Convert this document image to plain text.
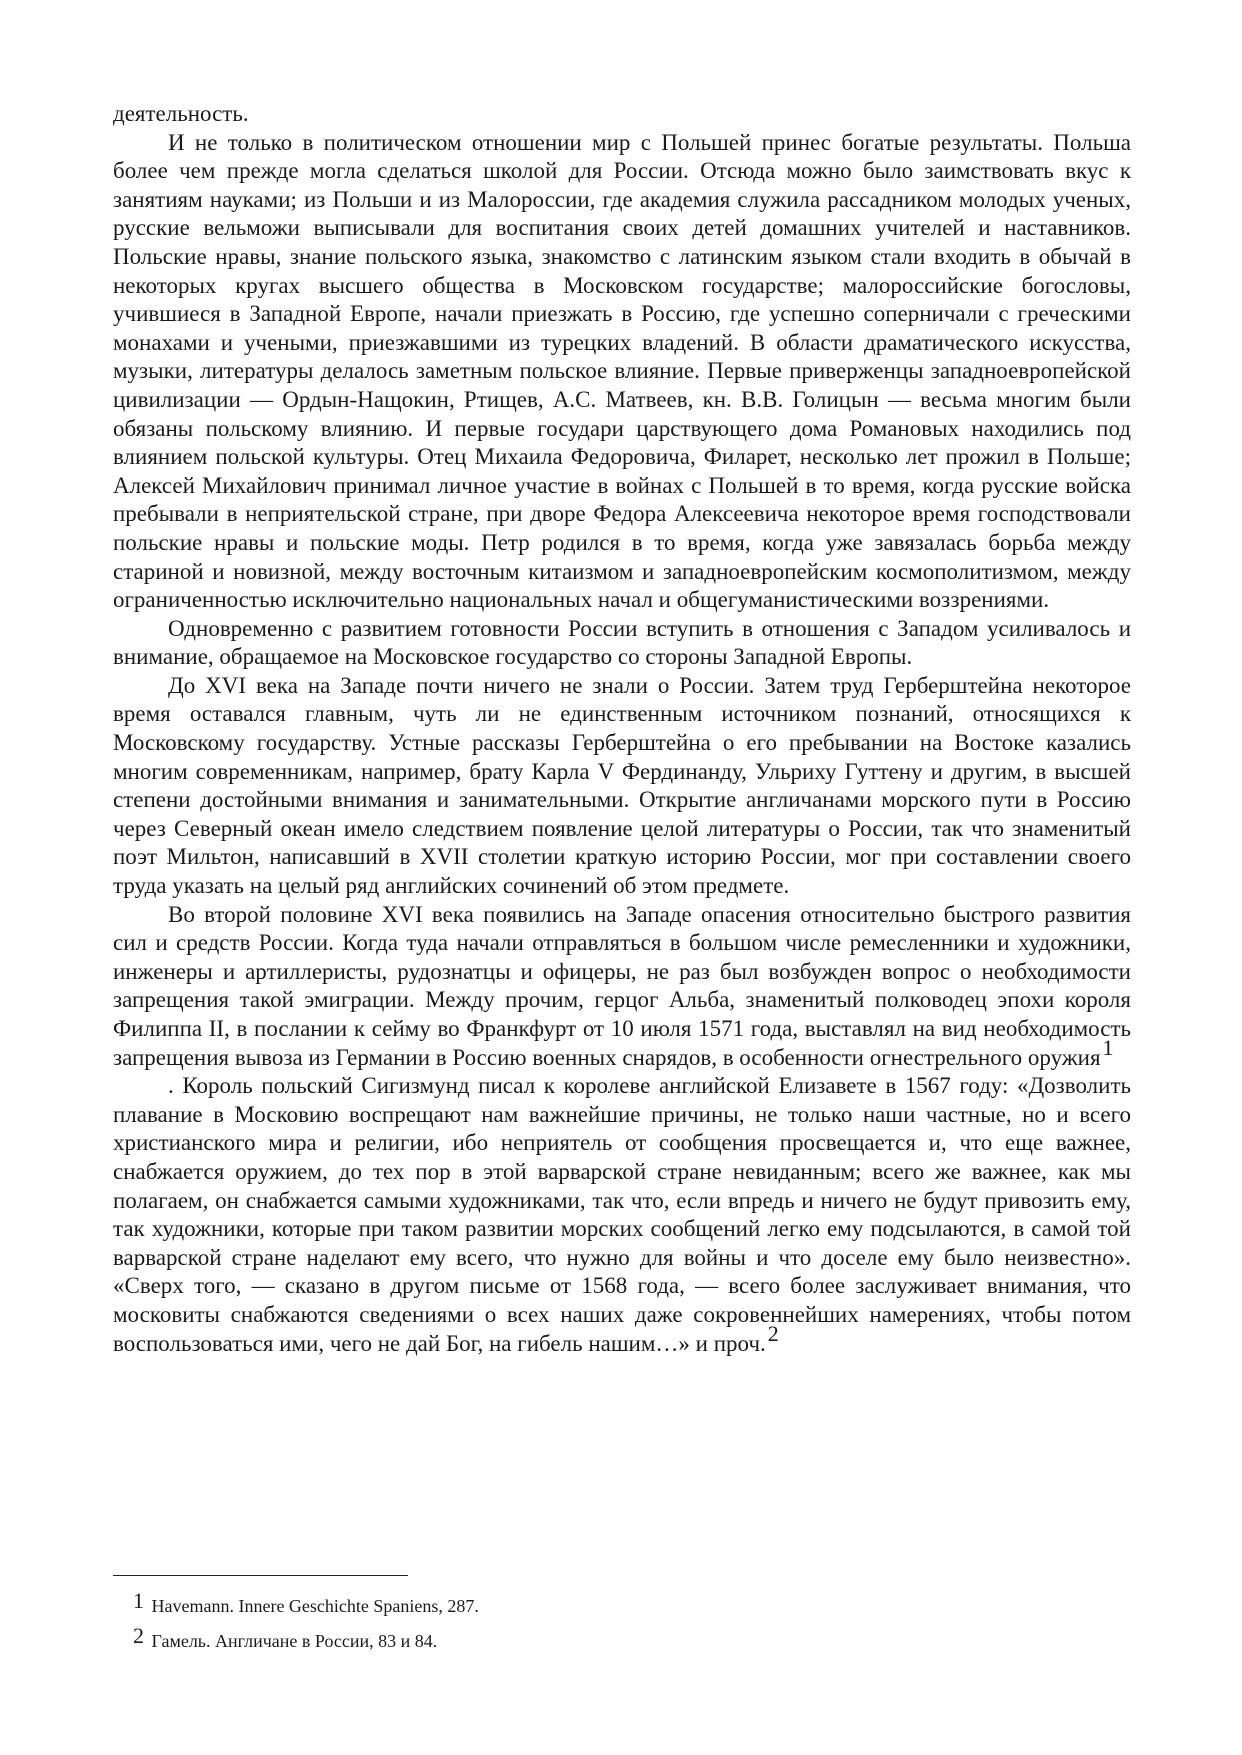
деятельность.

И не только в политическом отношении мир с Польшей принес богатые результаты. Польша более чем прежде могла сделаться школой для России. Отсюда можно было заимствовать вкус к занятиям науками; из Польши и из Малороссии, где академия служила рассадником молодых ученых, русские вельможи выписывали для воспитания своих детей домашних учителей и наставников. Польские нравы, знание польского языка, знакомство с латинским языком стали входить в обычай в некоторых кругах высшего общества в Московском государстве; малороссийские богословы, учившиеся в Западной Европе, начали приезжать в Россию, где успешно соперничали с греческими монахами и учеными, приезжавшими из турецких владений. В области драматического искусства, музыки, литературы делалось заметным польское влияние. Первые приверженцы западноевропейской цивилизации — Ордын-Нащокин, Ртищев, А.С. Матвеев, кн. В.В. Голицын — весьма многим были обязаны польскому влиянию. И первые государи царствующего дома Романовых находились под влиянием польской культуры. Отец Михаила Федоровича, Филарет, несколько лет прожил в Польше; Алексей Михайлович принимал личное участие в войнах с Польшей в то время, когда русские войска пребывали в неприятельской стране, при дворе Федора Алексеевича некоторое время господствовали польские нравы и польские моды. Петр родился в то время, когда уже завязалась борьба между стариной и новизной, между восточным китаизмом и западноевропейским космополитизмом, между ограниченностью исключительно национальных начал и общегуманистическими воззрениями.

Одновременно с развитием готовности России вступить в отношения с Западом усиливалось и внимание, обращаемое на Московское государство со стороны Западной Европы.

До XVI века на Западе почти ничего не знали о России. Затем труд Герберштейна некоторое время оставался главным, чуть ли не единственным источником познаний, относящихся к Московскому государству. Устные рассказы Герберштейна о его пребывании на Востоке казались многим современникам, например, брату Карла V Фердинанду, Ульриху Гуттену и другим, в высшей степени достойными внимания и занимательными. Открытие англичанами морского пути в Россию через Северный океан имело следствием появление целой литературы о России, так что знаменитый поэт Мильтон, написавший в XVII столетии краткую историю России, мог при составлении своего труда указать на целый ряд английских сочинений об этом предмете.

Во второй половине XVI века появились на Западе опасения относительно быстрого развития сил и средств России. Когда туда начали отправляться в большом числе ремесленники и художники, инженеры и артиллеристы, рудознатцы и офицеры, не раз был возбужден вопрос о необходимости запрещения такой эмиграции. Между прочим, герцог Альба, знаменитый полководец эпохи короля Филиппа II, в послании к сейму во Франкфурт от 10 июля 1571 года, выставлял на вид необходимость запрещения вывоза из Германии в Россию военных снарядов, в особенности огнестрельного оружия1

. Король польский Сигизмунд писал к королеве английской Елизавете в 1567 году: «Дозволить плавание в Московию воспрещают нам важнейшие причины, не только наши частные, но и всего христианского мира и религии, ибо неприятель от сообщения просвещается и, что еще важнее, снабжается оружием, до тех пор в этой варварской стране невиданным; всего же важнее, как мы полагаем, он снабжается самыми художниками, так что, если впредь и ничего не будут привозить ему, так художники, которые при таком развитии морских сообщений легко ему подсылаются, в самой той варварской стране наделают ему всего, что нужно для войны и что доселе ему было неизвестно». «Сверх того, — сказано в другом письме от 1568 года, — всего более заслуживает внимания, что московиты снабжаются сведениями о всех наших даже сокровеннейших намерениях, чтобы потом воспользоваться ими, чего не дай Бог, на гибель нашим…» и проч.2

1 Havemann. Innere Geschichte Spaniens, 287.
2 Гамель. Англичане в России, 83 и 84.
